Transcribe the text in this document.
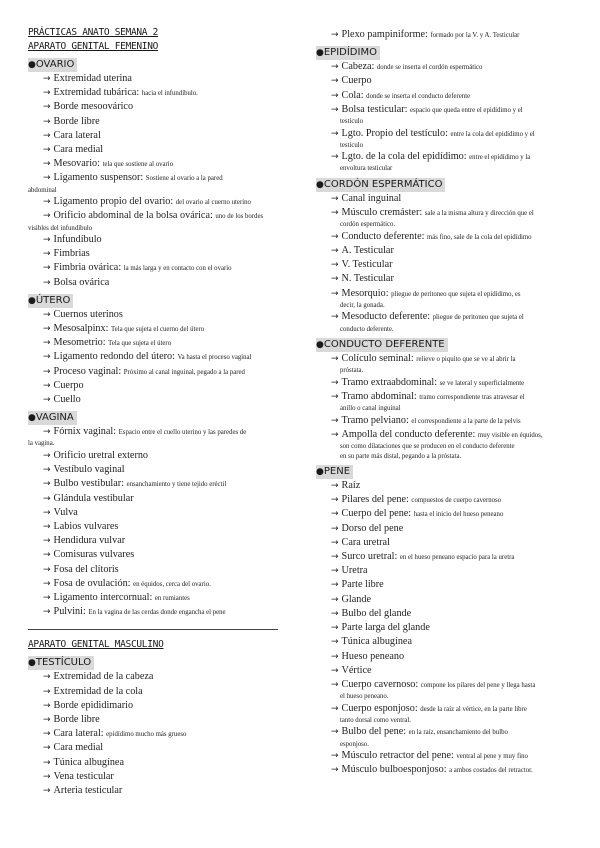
PRÁCTICAS ANATO SEMANA 2
APARATO GENITAL FEMENINO
●OVARIO
→ Extremidad uterina
→ Extremidad tubárica: hacia el infundíbulo.
→ Borde mesoovárico
→ Borde libre
→ Cara lateral
→ Cara medial
→ Mesovario: tela que sostiene al ovario
→ Ligamento suspensor: Sostiene al ovario a la pared
abdominal
→ Ligamento propio del ovario: del ovario al cuerno uterino
→ Orificio abdominal de la bolsa ovárica: uno de los bordes
visibles del infundíbulo
→ Infundíbulo
→ Fimbrias
→ Fimbria ovárica: la más larga y en contacto con el ovario
→ Bolsa ovárica
●ÚTERO
→ Cuernos uterinos
→ Mesosalpinx: Tela que sujeta el cuerno del útero
→ Mesometrio: Tela que sujeta el útero
→ Ligamento redondo del útero: Va hasta el proceso vaginal
→ Proceso vaginal: Próximo al canal inguinal, pegado a la pared
→ Cuerpo
→ Cuello
●VAGINA
→ Fórnix vaginal: Espacio entre el cuello uterino y las paredes de
la vagina.
→ Orificio uretral externo
→ Vestíbulo vaginal
→ Bulbo vestibular: ensanchamiento y tiene tejido eréctil
→ Glándula vestibular
→ Vulva
→ Labios vulvares
→ Hendidura vulvar
→ Comisuras vulvares
→ Fosa del clítoris
→ Fosa de ovulación: en équidos, cerca del ovario.
→ Ligamento intercornual: en rumiantes
→ Pulvini: En la vagina de las cerdas donde engancha el pene
APARATO GENITAL MASCULINO
●TESTÍCULO
→ Extremidad de la cabeza
→ Extremidad de la cola
→ Borde epididimario
→ Borde libre
→ Cara lateral: epidídimo mucho más grueso
→ Cara medial
→ Túnica albugínea
→ Vena testicular
→ Arteria testicular
→ Plexo pampiniforme: formado por la V. y A. Testicular
●EPIDÍDIMO
→ Cabeza: donde se inserta el cordón espermático
→ Cuerpo
→ Cola: donde se inserta el conducto deferente
→ Bolsa testicular: espacio que queda entre el epidídimo y el
testículo
→ Lgto. Propio del testículo: entre la cola del epidídimo y el
testículo
→ Lgto. de la cola del epidídimo: entre el epidídimo y la
envoltura testicular
●CORDÓN ESPERMÁTICO
→ Canal inguinal
→ Músculo cremáster: sale a la misma altura y dirección que el
cordón espermático.
→ Conducto deferente: más fino, sale de la cola del epidídimo
→ A. Testicular
→ V. Testicular
→ N. Testicular
→ Mesorquio: pliegue de peritoneo que sujeta el epidídimo, es
decir, la gonada.
→ Mesoducto deferente: pliegue de peritoneo que sujeta el
conducto deferente.
●CONDUCTO DEFERENTE
→ Colículo seminal: relieve o piquito que se ve al abrir la
próstata.
→ Tramo extraabdominal: se ve lateral y superficialmente
→ Tramo abdominal: tramo correspondiente tras atravesar el
anillo o canal inguinal
→ Tramo pelviano: el correspondiente a la parte de la pelvis
→ Ampolla del conducto deferente: muy visible en équidos,
son como dilataciones que se producen en el conducto deferente
en su parte más distal, pegando a la próstata.
●PENE
→ Raíz
→ Pilares del pene: compuestos de cuerpo cavernoso
→ Cuerpo del pene: hasta el inicio del hueso peneano
→ Dorso del pene
→ Cara uretral
→ Surco uretral: en el hueso peneano espacio para la uretra
→ Uretra
→ Parte libre
→ Glande
→ Bulbo del glande
→ Parte larga del glande
→ Túnica albugínea
→ Hueso peneano
→ Vértice
→ Cuerpo cavernoso: compone los pilares del pene y llega hasta
el hueso peneano.
→ Cuerpo esponjoso: desde la raíz al vértice, en la parte libre
tanto dorsal como ventral.
→ Bulbo del pene: en la raíz, ensanchamiento del bulbo
esponjoso.
→ Músculo retractor del pene: ventral al pene y muy fino
→ Músculo bulboesponjoso: a ambos costados del retractor.
